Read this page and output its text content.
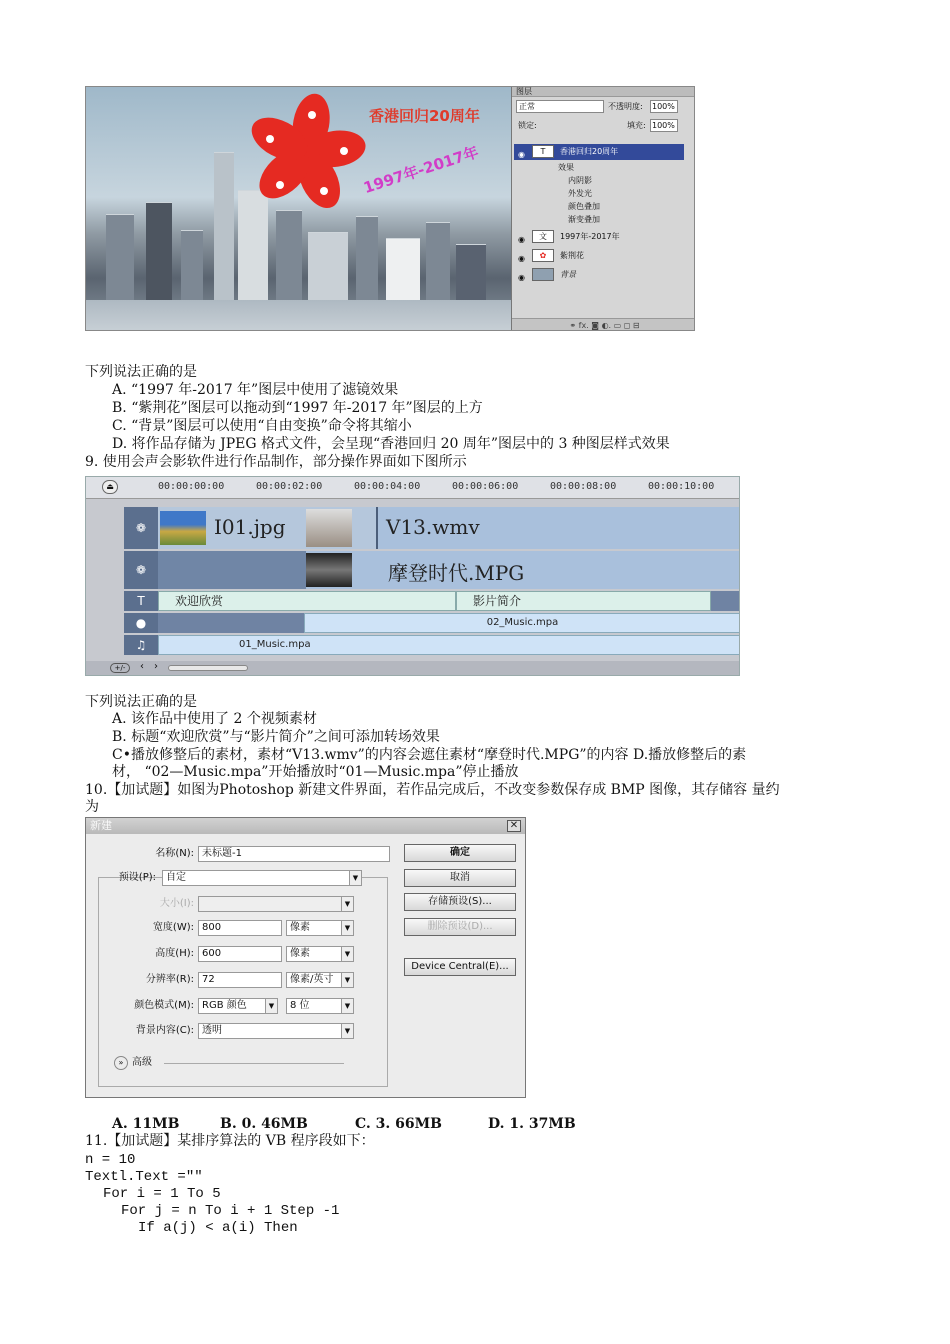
香港回归20周年
1997年-2017年
图层
正常	不透明度: 100%
锁定:	填充: 100%
◉ T 香港回归20周年
效果
内阴影
外发光
颜色叠加
渐变叠加
◉ 文 1997年-2017年
◉ ✿ 紫荆花
◉	背景
⚭ fx. ◙ ◐. ▭ ◻ ⊟
下列说法正确的是
A. “1997 年-2017 年”图层中使用了滤镜效果
B. “紫荆花”图层可以拖动到“1997 年-2017 年”图层的上方
C. “背景”图层可以使用“自由变换”命令将其缩小
D. 将作品存储为 JPEG 格式文件，会呈现“香港回归 20 周年”图层中的 3 种图层样式效果
9. 使用会声会影软件进行作品制作，部分操作界面如下图所示
⏏	00:00:00:00	00:00:02:00	00:00:04:00	00:00:06:00	00:00:08:00	00:00:10:00
❁	I01.jpg	V13.wmv
❁	摩登时代.MPG
T	欢迎欣赏	影片简介
●	02_Music.mpa
♫	01_Music.mpa
+/-	‹ ›
下列说法正确的是
A. 该作品中使用了 2 个视频素材
B. 标题“欢迎欣赏”与“影片简介”之间可添加转场效果
C•播放修整后的素材，素材“V13.wmv”的内容会遮住素材“摩登时代.MPG”的内容 D.播放修整后的素
材， “02—Music.mpa”开始播放时“01—Music.mpa”停止播放
10.【加试题】如图为Photoshop 新建文件界面，若作品完成后，不改变参数保存成 BMP 图像，其存储容 量约
为
新建	✕
名称(N): 未标题-1
预设(P):	自定	▼
大小(I):	▼
宽度(W): 800	像素	▼
高度(H): 600	像素	▼
分辨率(R): 72	像素/英寸	▼
颜色模式(M): RGB 颜色	▼	8 位	▼
背景内容(C): 透明	▼
» 高级
确定
取消
存储预设(S)...
删除预设(D)...
Device Central(E)...
A. 11MB	B. 0. 46MB	C. 3. 66MB	D. 1. 37MB
11.【加试题】某排序算法的 VB 程序段如下：
n = 10
Textl.Text =""
For i = 1 To 5
For j = n To i + 1 Step -1
If a(j) < a(i) Then
